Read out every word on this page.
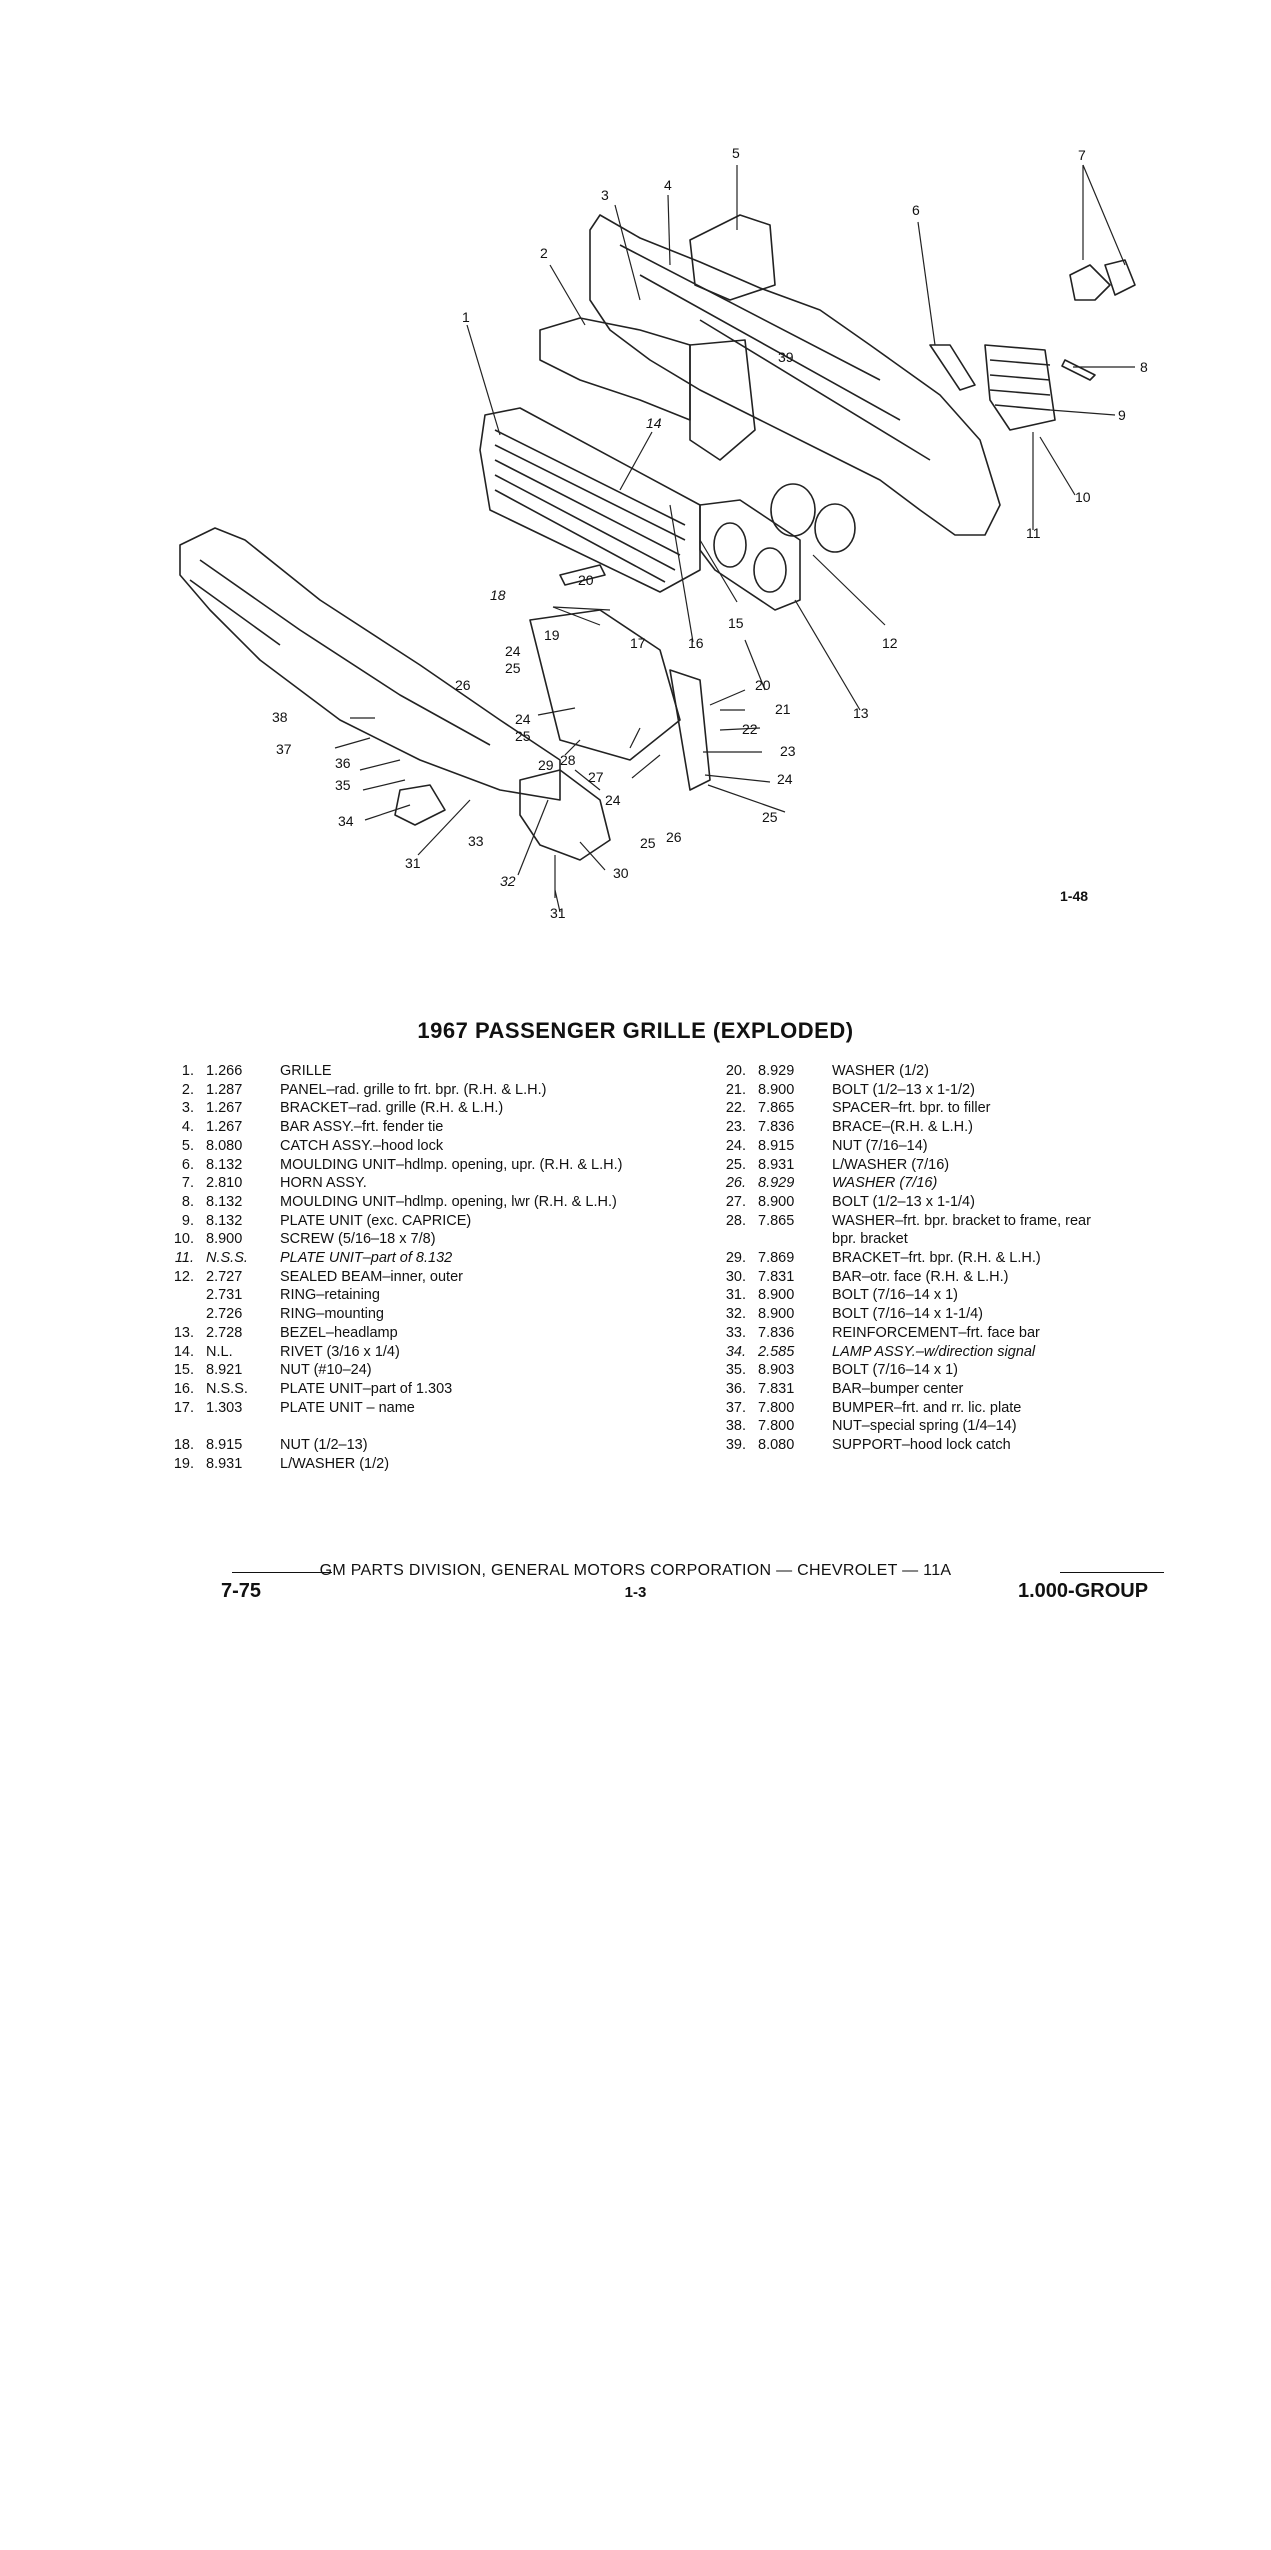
1
2
3
4
5
6
7
8
9
10
11
12
13
14
15
16
17
18
19
20
20
21
22
23
24
24
24
24
25
25
25
25
26
26
27
28
29
30
31
31
32
33
34
35
36
37
38
39
1-48
1967 PASSENGER GRILLE (EXPLODED)
1. 1.266	GRILLE
2. 1.287	PANEL–rad. grille to frt. bpr. (R.H. & L.H.)
3. 1.267	BRACKET–rad. grille (R.H. & L.H.)
4. 1.267	BAR ASSY.–frt. fender tie
5. 8.080	CATCH ASSY.–hood lock
6. 8.132	MOULDING UNIT–hdlmp. opening, upr. (R.H. & L.H.)
7. 2.810	HORN ASSY.
8. 8.132	MOULDING UNIT–hdlmp. opening, lwr (R.H. & L.H.)
9. 8.132	PLATE UNIT (exc. CAPRICE)
10. 8.900	SCREW (5/16–18 x 7/8)
11. N.S.S.	PLATE UNIT–part of 8.132
12. 2.727	SEALED BEAM–inner, outer
2.731	RING–retaining
2.726	RING–mounting
13. 2.728	BEZEL–headlamp
14. N.L.	RIVET (3/16 x 1/4)
15. 8.921	NUT (#10–24)
16. N.S.S.	PLATE UNIT–part of 1.303
17. 1.303	PLATE UNIT – name
18. 8.915	NUT (1/2–13)
19. 8.931	L/WASHER (1/2)
20. 8.929	WASHER (1/2)
21. 8.900	BOLT (1/2–13 x 1-1/2)
22. 7.865	SPACER–frt. bpr. to filler
23. 7.836	BRACE–(R.H. & L.H.)
24. 8.915	NUT (7/16–14)
25. 8.931	L/WASHER (7/16)
26. 8.929	WASHER (7/16)
27. 8.900	BOLT (1/2–13 x 1-1/4)
28. 7.865	WASHER–frt. bpr. bracket to frame, rear
bpr. bracket
29. 7.869	BRACKET–frt. bpr. (R.H. & L.H.)
30. 7.831	BAR–otr. face (R.H. & L.H.)
31. 8.900	BOLT (7/16–14 x 1)
32. 8.900	BOLT (7/16–14 x 1-1/4)
33. 7.836	REINFORCEMENT–frt. face bar
34. 2.585	LAMP ASSY.–w/direction signal
35. 8.903	BOLT (7/16–14 x 1)
36. 7.831	BAR–bumper center
37. 7.800	BUMPER–frt. and rr. lic. plate
38. 7.800	NUT–special spring (1/4–14)
39. 8.080	SUPPORT–hood lock catch
GM PARTS DIVISION, GENERAL MOTORS CORPORATION — CHEVROLET — 11A
7-75	1-3	1.000-GROUP
